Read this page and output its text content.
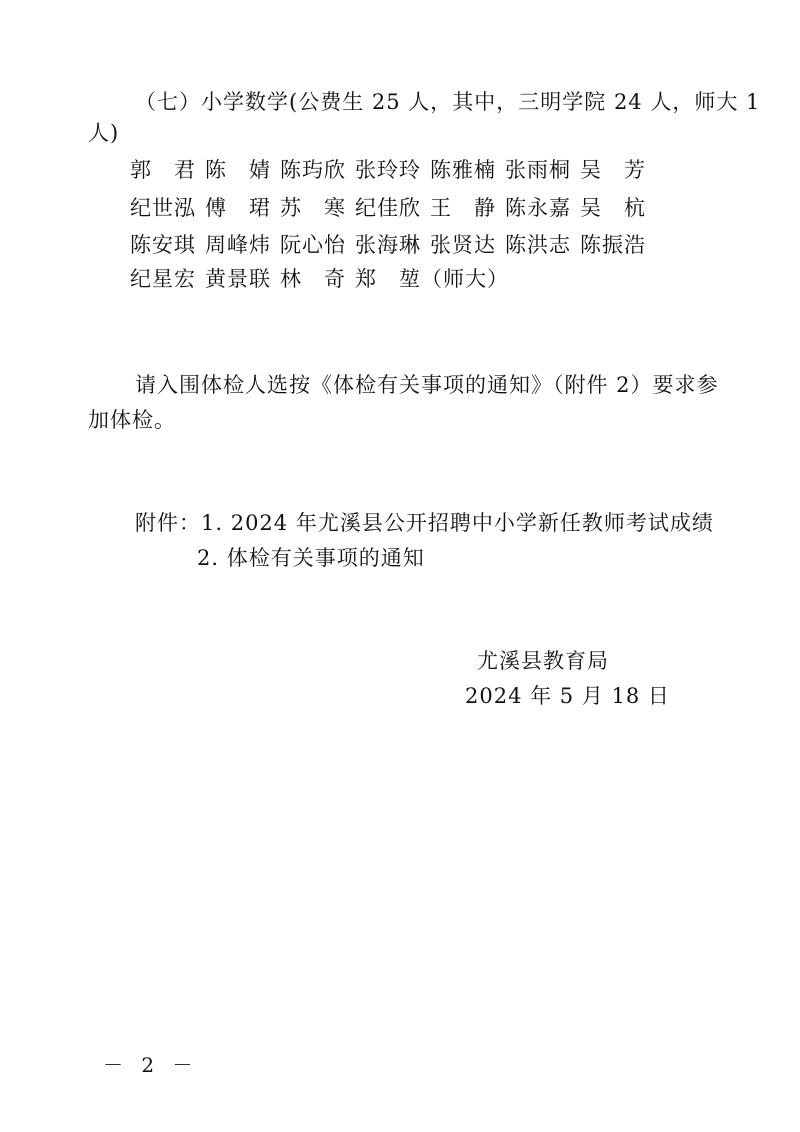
（七）小学数学(公费生 25 人，其中，三明学院 24 人，师大 1
人)
郭　君 陈　婧 陈玙欣 张玲玲 陈雅楠 张雨桐 吴　芳
纪世泓 傅　珺 苏　寒 纪佳欣 王　静 陈永嘉 吴　杭
陈安琪 周峰炜 阮心怡 张海琳 张贤达 陈洪志 陈振浩
纪星宏 黄景联 林　奇 郑　堃（师大）
请入围体检人选按《体检有关事项的通知》（附件 2）要求参
加体检。
附件：1. 2024 年尤溪县公开招聘中小学新任教师考试成绩
2. 体检有关事项的通知
尤溪县教育局
2024 年 5 月 18 日
－ 2 －
